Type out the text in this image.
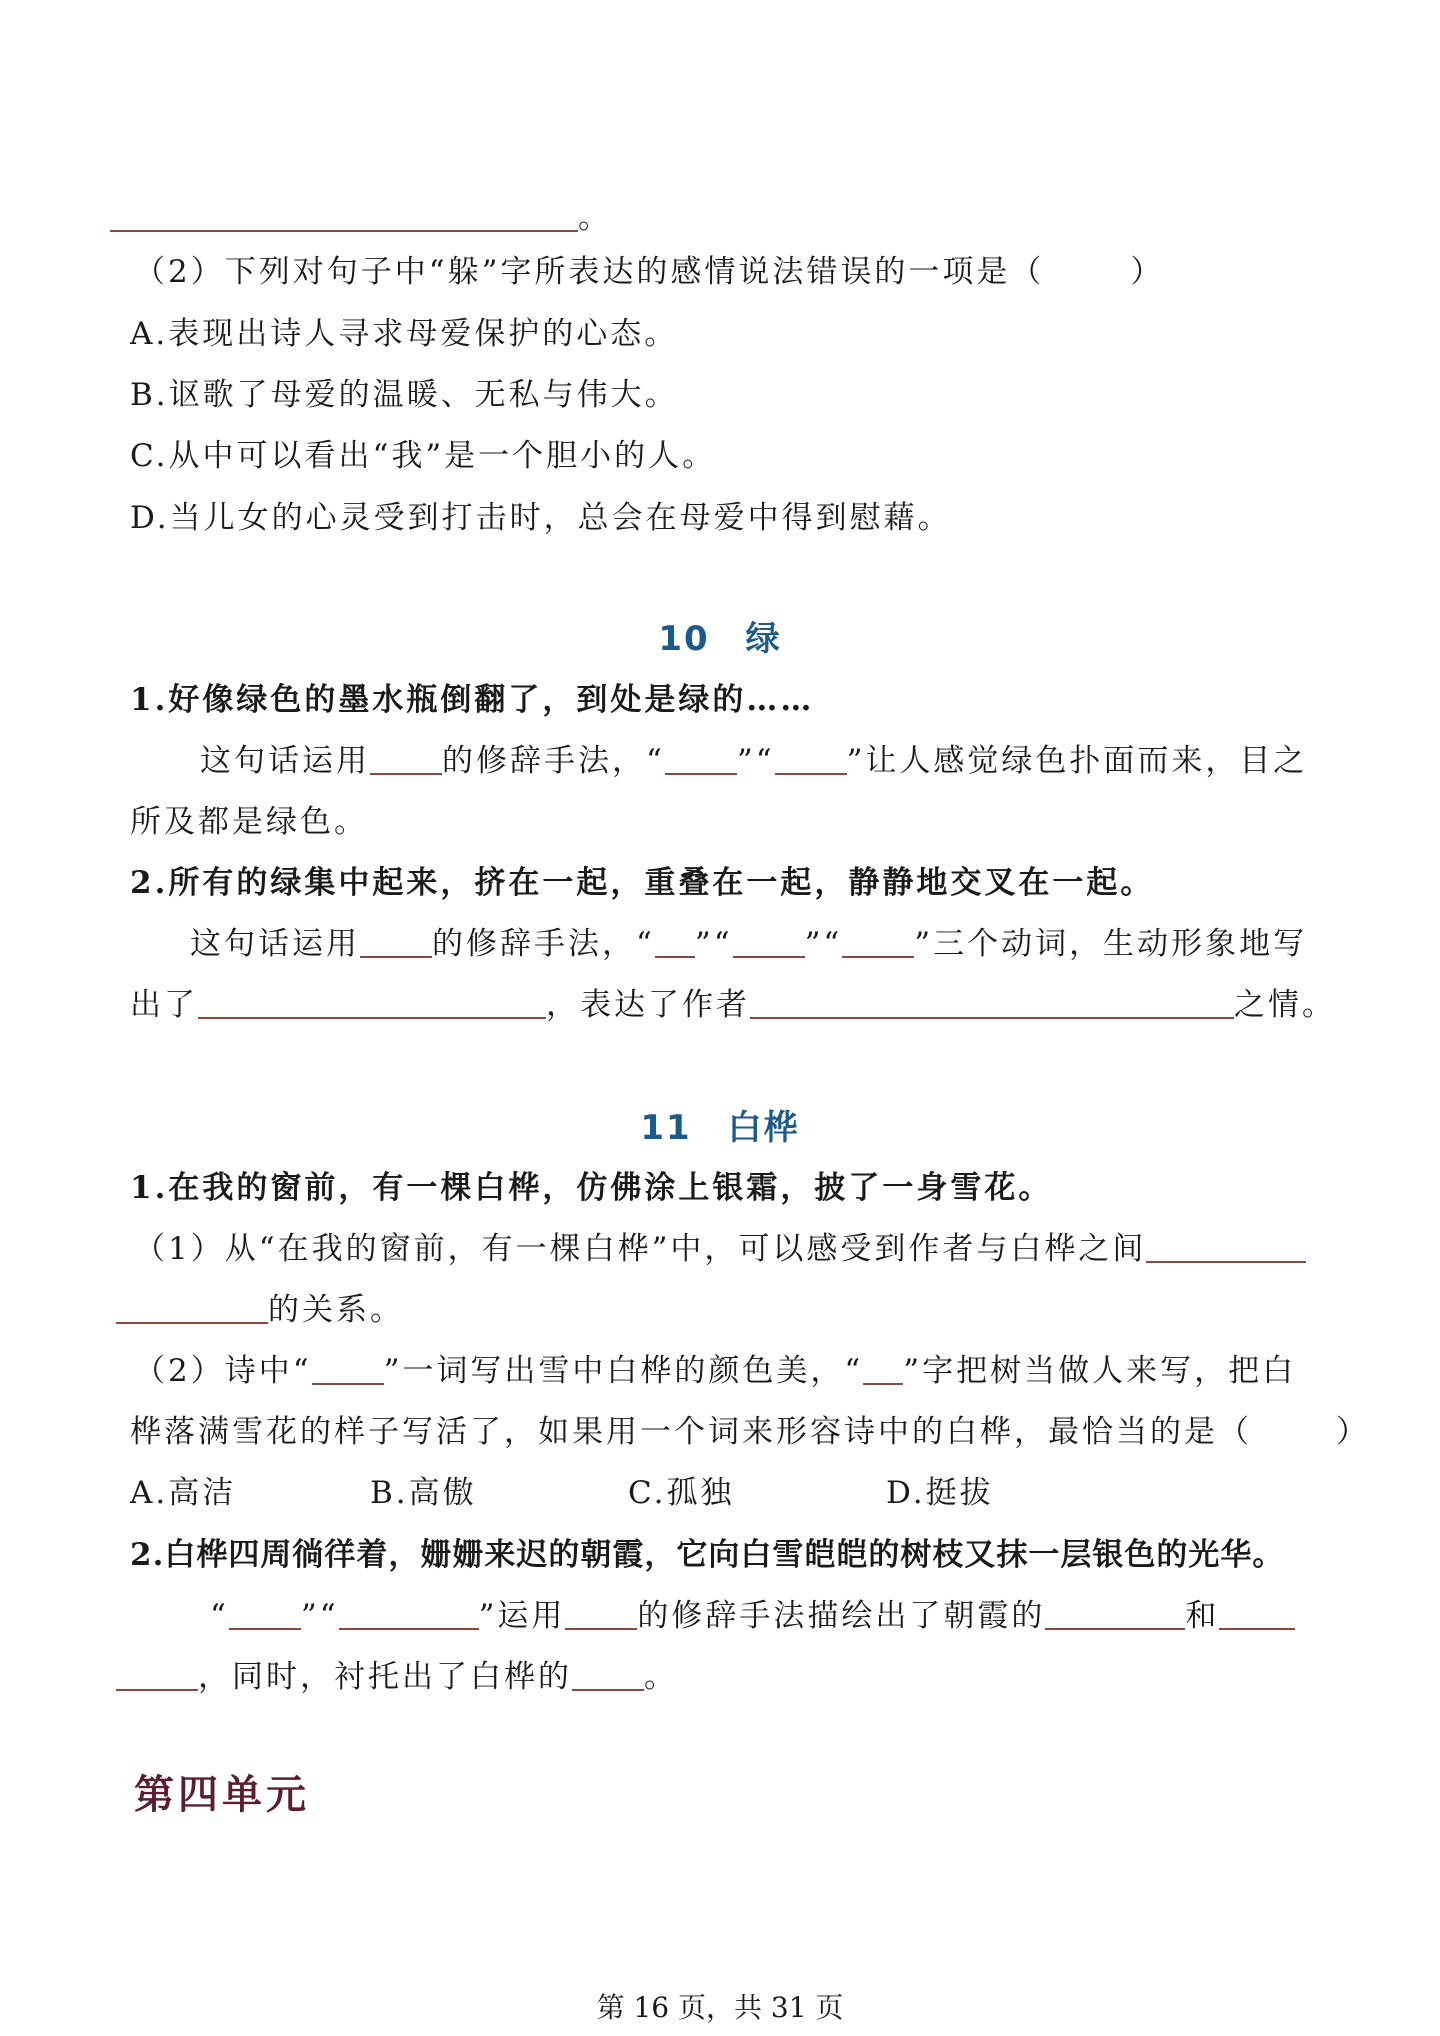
。
（2）下列对句子中“躲”字所表达的感情说法错误的一项是（	）
A.表现出诗人寻求母爱保护的心态。
B.讴歌了母爱的温暖、无私与伟大。
C.从中可以看出“我”是一个胆小的人。
D.当儿女的心灵受到打击时，总会在母爱中得到慰藉。
10 绿
1.好像绿色的墨水瓶倒翻了，到处是绿的……
这句话运用 的修辞手法，“ ”“ ”让人感觉绿色扑面而来，目之
所及都是绿色。
2.所有的绿集中起来，挤在一起，重叠在一起，静静地交叉在一起。
这句话运用 的修辞手法，“ ”“ ”“ ”三个动词，生动形象地写
出了	，表达了作者	之情。
11 白桦
1.在我的窗前，有一棵白桦，仿佛涂上银霜，披了一身雪花。
（1）从“在我的窗前，有一棵白桦”中，可以感受到作者与白桦之间
的关系。
（2）诗中“ ”一词写出雪中白桦的颜色美，“ ”字把树当做人来写，把白
桦落满雪花的样子写活了，如果用一个词来形容诗中的白桦，最恰当的是（	）
A.高洁	B.高傲	C.孤独	D.挺拔
2.白桦四周徜徉着，姗姗来迟的朝霞，它向白雪皑皑的树枝又抹一层银色的光华。
“ ”“	”运用 的修辞手法描绘出了朝霞的	和
，同时，衬托出了白桦的 。
第四单元
第 16 页，共 31 页
